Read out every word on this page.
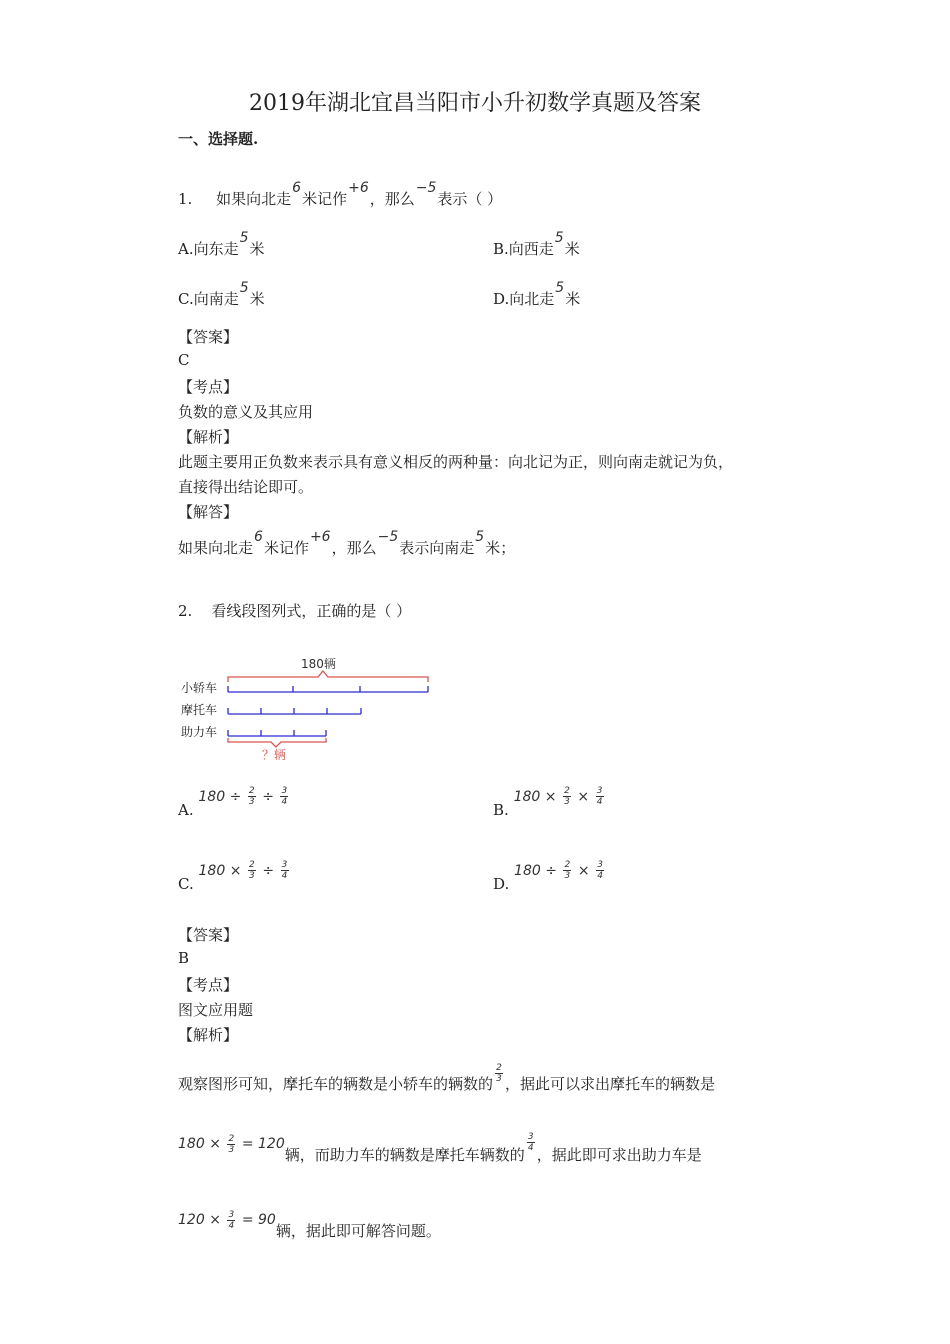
2019年湖北宜昌当阳市小升初数学真题及答案
一、选择题.
1. 如果向北走6米记作+6，那么−5表示（ ）
A.向东走5米	B.向西走5米
C.向南走5米	D.向北走5米
【答案】
C
【考点】
负数的意义及其应用
【解析】
此题主要用正负数来表示具有意义相反的两种量：向北记为正，则向南走就记为负，
直接得出结论即可。
【解答】
如果向北走6米记作+6，那么−5表示向南走5米；
2. 看线段图列式，正确的是（ ）
180辆
小轿车
摩托车
助力车
？辆
A. $180 \div \frac{2}{3} \div \frac{3}{4}$
B. $180 \times \frac{2}{3} \times \frac{3}{4}$
C. $180 \times \frac{2}{3} \div \frac{3}{4}$
D. $180 \div \frac{2}{3} \times \frac{3}{4}$
【答案】
B
【考点】
图文应用题
【解析】
观察图形可知，摩托车的辆数是小轿车的辆数的 $\frac{2}{3}$ ，据此可以求出摩托车的辆数是
$180 \times \frac{2}{3} = 120$辆，而助力车的辆数是摩托车辆数的
$\frac{3}{4}$
，据此即可求出助力车是
$120 \times \frac{3}{4} = 90$辆，据此即可解答问题。
